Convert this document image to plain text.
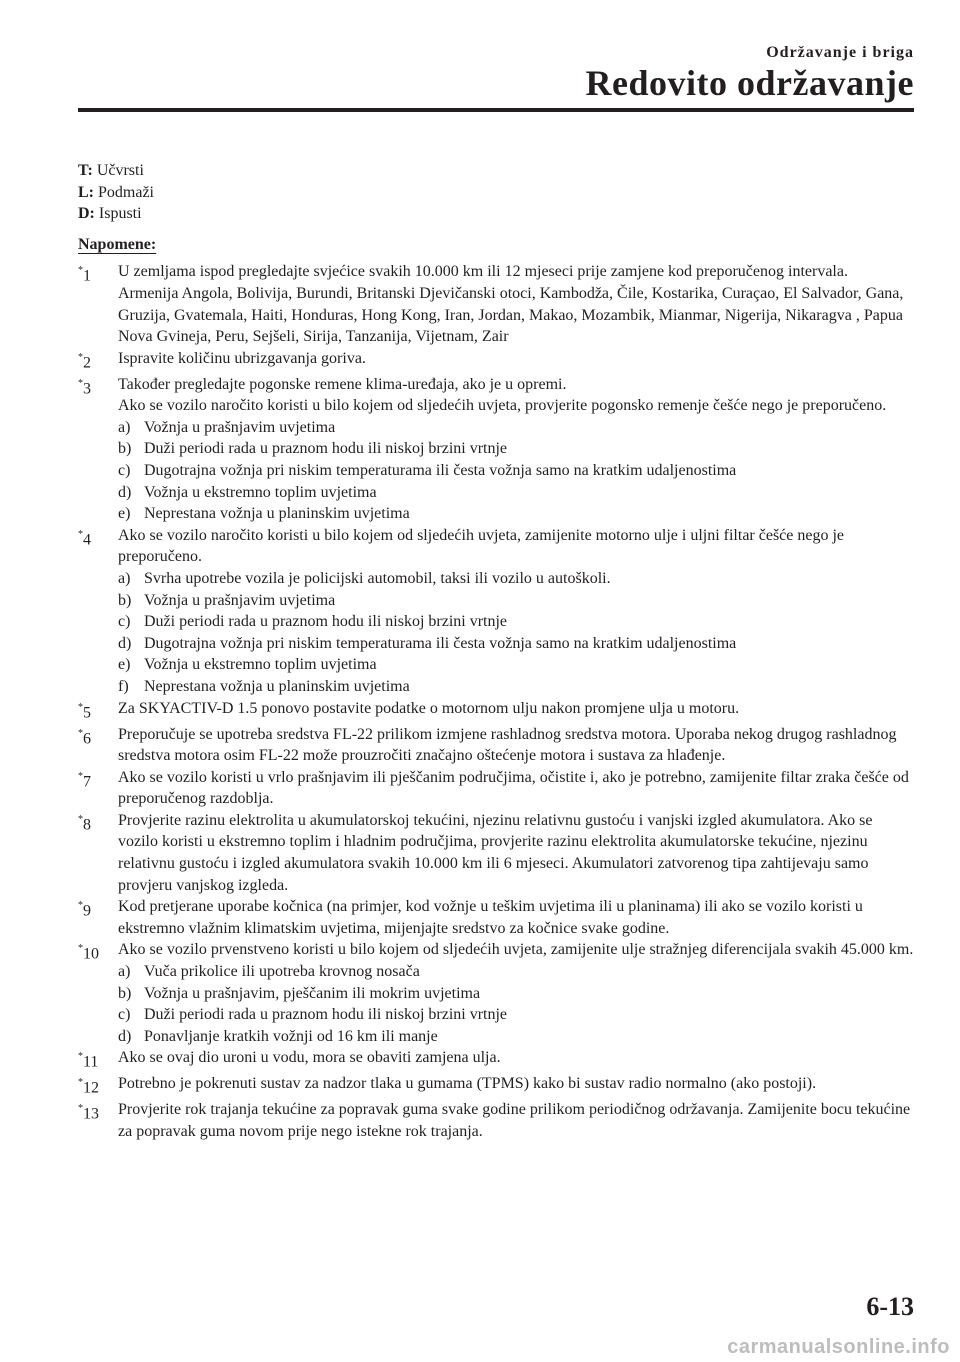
Održavanje i briga
Redovito održavanje

T: Učvrsti

L: Podmaži

D: Ispusti

Napomene:
*1	U zemljama ispod pregledajte svjećice svakih 10.000 km ili 12 mjeseci prije zamjene kod preporučenog intervala.

Armenija Angola, Bolivija, Burundi, Britanski Djevičanski otoci, Kambodža, Čile, Kostarika, Curaçao, El Salvador, Gana, Gruzija, Gvatemala, Haiti, Honduras, Hong Kong, Iran, Jordan, Makao, Mozambik, Mianmar, Nigerija, Nikaragva , Papua Nova Gvineja, Peru, Sejšeli, Sirija, Tanzanija, Vijetnam, Zair

*2	Ispravite količinu ubrizgavanja goriva.

*3	Također pregledajte pogonske remene klima-uređaja, ako je u opremi.

Ako se vozilo naročito koristi u bilo kojem od sljedećih uvjeta, provjerite pogonsko remenje češće nego je preporučeno.

a) Vožnja u prašnjavim uvjetima
b) Duži periodi rada u praznom hodu ili niskoj brzini vrtnje
c) Dugotrajna vožnja pri niskim temperaturama ili česta vožnja samo na kratkim udaljenostima
d) Vožnja u ekstremno toplim uvjetima
e) Neprestana vožnja u planinskim uvjetima
*4	Ako se vozilo naročito koristi u bilo kojem od sljedećih uvjeta, zamijenite motorno ulje i uljni filtar češće nego je preporučeno.

a) Svrha upotrebe vozila je policijski automobil, taksi ili vozilo u autoškoli.
b) Vožnja u prašnjavim uvjetima
c) Duži periodi rada u praznom hodu ili niskoj brzini vrtnje
d) Dugotrajna vožnja pri niskim temperaturama ili česta vožnja samo na kratkim udaljenostima
e) Vožnja u ekstremno toplim uvjetima
f) Neprestana vožnja u planinskim uvjetima
*5	Za SKYACTIV-D 1.5 ponovo postavite podatke o motornom ulju nakon promjene ulja u motoru.

*6	Preporučuje se upotreba sredstva FL-22 prilikom izmjene rashladnog sredstva motora. Uporaba nekog drugog rashladnog sredstva motora osim FL-22 može prouzročiti značajno oštećenje motora i sustava za hlađenje.

*7	Ako se vozilo koristi u vrlo prašnjavim ili pješčanim područjima, očistite i, ako je potrebno, zamijenite filtar zraka češće od preporučenog razdoblja.

*8	Provjerite razinu elektrolita u akumulatorskoj tekućini, njezinu relativnu gustoću i vanjski izgled akumulatora. Ako se vozilo koristi u ekstremno toplim i hladnim područjima, provjerite razinu elektrolita akumulatorske tekućine, njezinu relativnu gustoću i izgled akumulatora svakih 10.000 km ili 6 mjeseci. Akumulatori zatvorenog tipa zahtijevaju samo provjeru vanjskog izgleda.

*9	Kod pretjerane uporabe kočnica (na primjer, kod vožnje u teškim uvjetima ili u planinama) ili ako se vozilo koristi u ekstremno vlažnim klimatskim uvjetima, mijenjajte sredstvo za kočnice svake godine.

*10	Ako se vozilo prvenstveno koristi u bilo kojem od sljedećih uvjeta, zamijenite ulje stražnjeg diferencijala svakih 45.000 km.

a) Vuča prikolice ili upotreba krovnog nosača
b) Vožnja u prašnjavim, pješčanim ili mokrim uvjetima
c) Duži periodi rada u praznom hodu ili niskoj brzini vrtnje
d) Ponavljanje kratkih vožnji od 16 km ili manje
*11	Ako se ovaj dio uroni u vodu, mora se obaviti zamjena ulja.

*12	Potrebno je pokrenuti sustav za nadzor tlaka u gumama (TPMS) kako bi sustav radio normalno (ako postoji).

*13	Provjerite rok trajanja tekućine za popravak guma svake godine prilikom periodičnog održavanja. Zamijenite bocu tekućine za popravak guma novom prije nego istekne rok trajanja.

6-13
carmanualsonline.info
